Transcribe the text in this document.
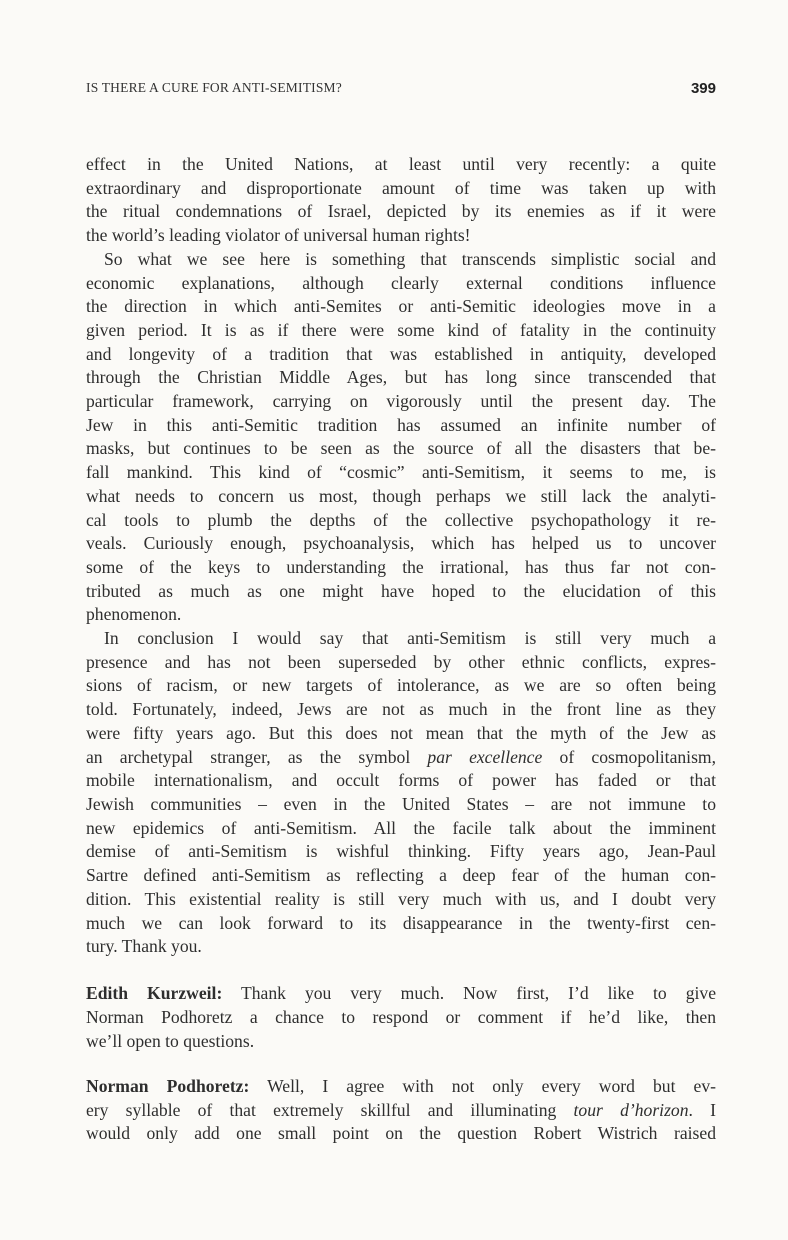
IS THERE A CURE FOR ANTI-SEMITISM?	399
effect in the United Nations, at least until very recently: a quite
extraordinary and disproportionate amount of time was taken up with
the ritual condemnations of Israel, depicted by its enemies as if it were
the world’s leading violator of universal human rights!
So what we see here is something that transcends simplistic social and
economic explanations, although clearly external conditions influence
the direction in which anti-Semites or anti-Semitic ideologies move in a
given period. It is as if there were some kind of fatality in the continuity
and longevity of a tradition that was established in antiquity, developed
through the Christian Middle Ages, but has long since transcended that
particular framework, carrying on vigorously until the present day. The
Jew in this anti-Semitic tradition has assumed an infinite number of
masks, but continues to be seen as the source of all the disasters that be-
fall mankind. This kind of “cosmic” anti-Semitism, it seems to me, is
what needs to concern us most, though perhaps we still lack the analyti-
cal tools to plumb the depths of the collective psychopathology it re-
veals. Curiously enough, psychoanalysis, which has helped us to uncover
some of the keys to understanding the irrational, has thus far not con-
tributed as much as one might have hoped to the elucidation of this
phenomenon.
In conclusion I would say that anti-Semitism is still very much a
presence and has not been superseded by other ethnic conflicts, expres-
sions of racism, or new targets of intolerance, as we are so often being
told. Fortunately, indeed, Jews are not as much in the front line as they
were fifty years ago. But this does not mean that the myth of the Jew as
an archetypal stranger, as the symbol par excellence of cosmopolitanism,
mobile internationalism, and occult forms of power has faded or that
Jewish communities – even in the United States – are not immune to
new epidemics of anti-Semitism. All the facile talk about the imminent
demise of anti-Semitism is wishful thinking. Fifty years ago, Jean-Paul
Sartre defined anti-Semitism as reflecting a deep fear of the human con-
dition. This existential reality is still very much with us, and I doubt very
much we can look forward to its disappearance in the twenty-first cen-
tury. Thank you.
Edith Kurzweil: Thank you very much. Now first, I’d like to give
Norman Podhoretz a chance to respond or comment if he’d like, then
we’ll open to questions.
Norman Podhoretz: Well, I agree with not only every word but ev-
ery syllable of that extremely skillful and illuminating tour d’horizon. I
would only add one small point on the question Robert Wistrich raised
